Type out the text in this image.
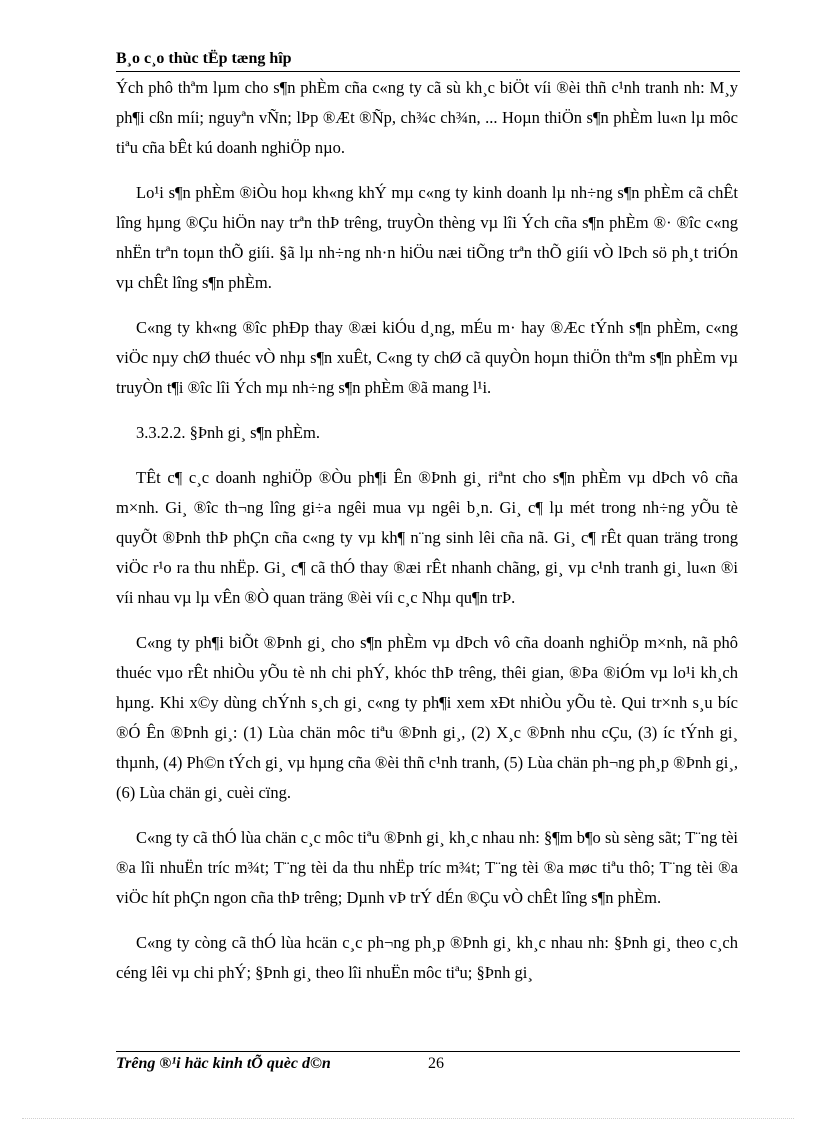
B¸o c¸o thùc tËp tæng hîp

Ých phô thªm lµm cho s¶n phÈm cña c«ng ty cã sù kh¸c biÖt víi ®èi thñ c¹nh tranh nh: M¸y ph¶i cßn míi; nguyªn vÑn; lÞp ®Æt ®Ñp, ch¾c ch¾n, ... Hoµn thiÖn s¶n phÈm lu«n lµ môc tiªu cña bÊt kú doanh nghiÖp nµo.

Lo¹i s¶n phÈm ®iÒu hoµ kh«ng khÝ mµ c«ng ty kinh doanh lµ nh÷ng s¶n phÈm cã chÊt lîng hµng ®Çu hiÖn nay trªn thÞ trêng, truyÒn thèng vµ lîi Ých cña s¶n phÈm ®· ®îc c«ng nhËn trªn toµn thÕ giíi. §ã lµ nh÷ng nh·n hiÖu næi tiÕng trªn thÕ giíi vÒ lÞch sö ph¸t triÓn vµ chÊt lîng s¶n phÈm.

C«ng ty kh«ng ®îc phÐp thay ®æi kiÓu d¸ng, mÉu m· hay ®Æc tÝnh s¶n phÈm, c«ng viÖc nµy chØ thuéc vÒ nhµ s¶n xuÊt, C«ng ty chØ cã quyÒn hoµn thiÖn thªm s¶n phÈm vµ truyÒn t¶i ®îc lîi Ých mµ nh÷ng s¶n phÈm ®ã mang l¹i.

3.3.2.2. §Þnh gi¸ s¶n phÈm.

TÊt c¶ c¸c doanh nghiÖp ®Òu ph¶i Ên ®Þnh gi¸ riªnt cho s¶n phÈm vµ dÞch vô cña m×nh. Gi¸ ®îc th¬ng lîng gi÷a ngêi mua vµ ngêi b¸n. Gi¸ c¶ lµ mét trong nh÷ng yÕu tè quyÕt ®Þnh thÞ phÇn cña c«ng ty vµ kh¶ n¨ng sinh lêi cña nã. Gi¸ c¶ rÊt quan träng trong viÖc r¹o ra thu nhËp. Gi¸ c¶ cã thÓ thay ®æi rÊt nhanh chãng, gi¸ vµ c¹nh tranh gi¸ lu«n ®i víi nhau vµ lµ vÊn ®Ò quan träng ®èi víi c¸c Nhµ qu¶n trÞ.

C«ng ty ph¶i biÕt ®Þnh gi¸ cho s¶n phÈm vµ dÞch vô cña doanh nghiÖp m×nh, nã phô thuéc vµo rÊt nhiÒu yÕu tè nh chi phÝ, khóc thÞ trêng, thêi gian, ®Þa ®iÓm vµ lo¹i kh¸ch hµng. Khi x©y dùng chÝnh s¸ch gi¸ c«ng ty ph¶i xem xÐt nhiÒu yÕu tè. Qui tr×nh s¸u bíc ®Ó Ên ®Þnh gi¸: (1) Lùa chän môc tiªu ®Þnh gi¸, (2) X¸c ®Þnh nhu cÇu, (3) íc tÝnh gi¸ thµnh, (4) Ph©n tÝch gi¸ vµ hµng cña ®èi thñ c¹nh tranh, (5) Lùa chän ph¬ng ph¸p ®Þnh gi¸, (6) Lùa chän gi¸ cuèi cïng.

C«ng ty cã thÓ lùa chän c¸c môc tiªu ®Þnh gi¸ kh¸c nhau nh: §¶m b¶o sù sèng sãt; T¨ng tèi ®a lîi nhuËn tríc m¾t; T¨ng tèi da thu nhËp tríc m¾t; T¨ng tèi ®a møc tiªu thô; T¨ng tèi ®a viÖc hít phÇn ngon cña thÞ trêng; Dµnh vÞ trÝ dÉn ®Çu vÒ chÊt lîng s¶n phÈm.

C«ng ty còng cã thÓ lùa hcän c¸c ph¬ng ph¸p ®Þnh gi¸ kh¸c nhau nh: §Þnh gi¸ theo c¸ch céng lêi vµ chi phÝ; §Þnh gi¸ theo lîi nhuËn môc tiªu; §Þnh gi¸

Trêng ®¹i häc kinh tÕ quèc d©n	26
